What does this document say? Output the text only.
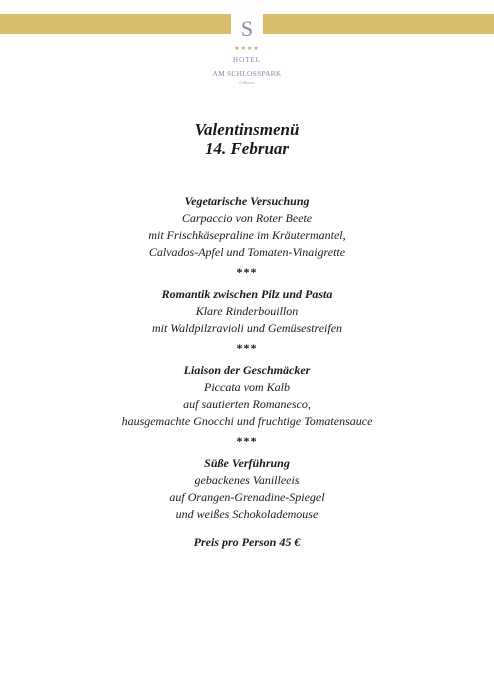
S
★★★★
HOTEL
AM SCHLOSSPARK
Gifhorn
Valentinsmenü
14. Februar
Vegetarische Versuchung
Carpaccio von Roter Beete
mit Frischkäsepraline im Kräutermantel,
Calvados-Apfel und Tomaten-Vinaigrette
***
Romantik zwischen Pilz und Pasta
Klare Rinderbouillon
mit Waldpilzravioli und Gemüsestreifen
***
Liaison der Geschmäcker
Piccata vom Kalb
auf sautierten Romanesco,
hausgemachte Gnocchi und fruchtige Tomatensauce
***
Süße Verführung
gebackenes Vanilleeis
auf Orangen-Grenadine-Spiegel
und weißes Schokolademouse
Preis pro Person 45 €
